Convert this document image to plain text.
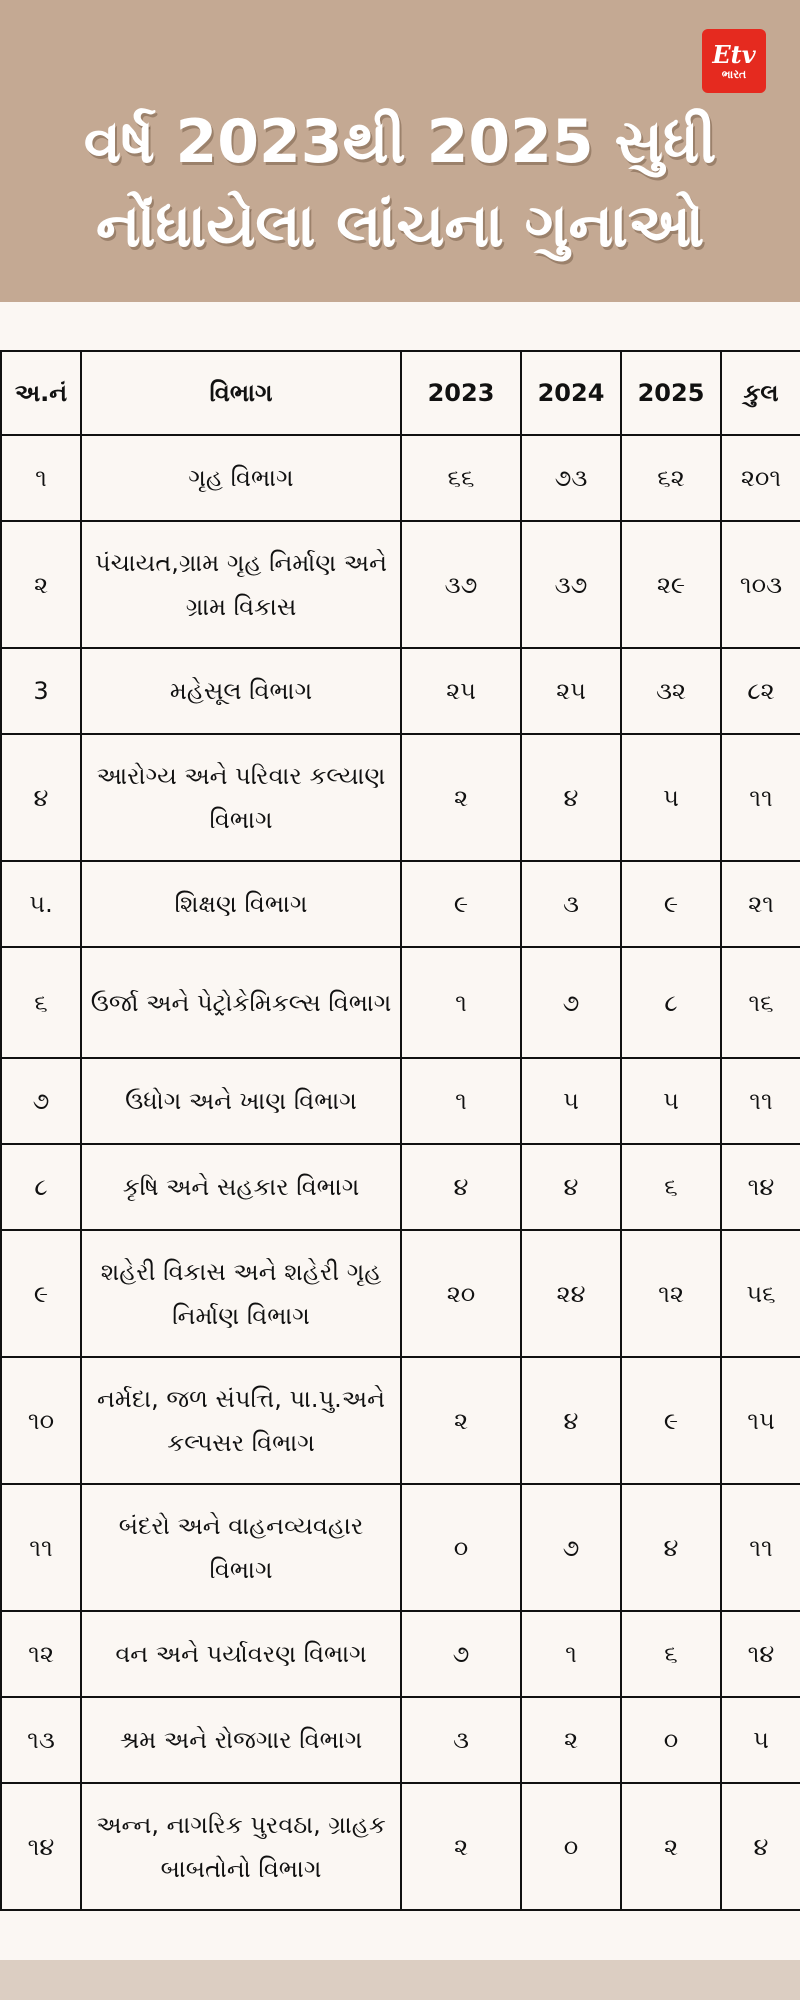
Etv
ભારત
વર્ષ 2023થી 2025 સુધી
નોંધાયેલા લાંચના ગુનાઓ
અ.નં	વિભાગ	2023	2024	2025	કુલ
૧	ગૃહ વિભાગ	૬૬	૭૩	૬૨	૨૦૧
૨	પંચાયત,ગ્રામ ગૃહ નિર્માણ અને ગ્રામ વિકાસ	૩૭	૩૭	૨૯	૧૦૩
3	મહેસૂલ વિભાગ	૨૫	૨૫	૩૨	૮૨
૪	આરોગ્ય અને પરિવાર કલ્યાણ વિભાગ	૨	૪	૫	૧૧
૫.	શિક્ષણ વિભાગ	૯	૩	૯	૨૧
૬	ઉર્જા અને પેટ્રોકેમિકલ્સ વિભાગ	૧	૭	૮	૧૬
૭	ઉધોગ અને ખાણ વિભાગ	૧	૫	૫	૧૧
૮	કૃષિ અને સહકાર વિભાગ	૪	૪	૬	૧૪
૯	શહેરી વિકાસ અને શહેરી ગૃહ નિર્માણ વિભાગ	૨૦	૨૪	૧૨	૫૬
૧૦	નર્મદા, જળ સંપત્તિ, પા.પુ.અને કલ્પસર વિભાગ	૨	૪	૯	૧૫
૧૧	બંદરો અને વાહનવ્યવહાર વિભાગ	૦	૭	૪	૧૧
૧૨	વન અને પર્યાવરણ વિભાગ	૭	૧	૬	૧૪
૧૩	શ્રમ અને રોજગાર વિભાગ	૩	૨	૦	૫
૧૪	અન્ન, નાગરિક પુરવઠા, ગ્રાહક બાબતોનો વિભાગ	૨	૦	૨	૪
